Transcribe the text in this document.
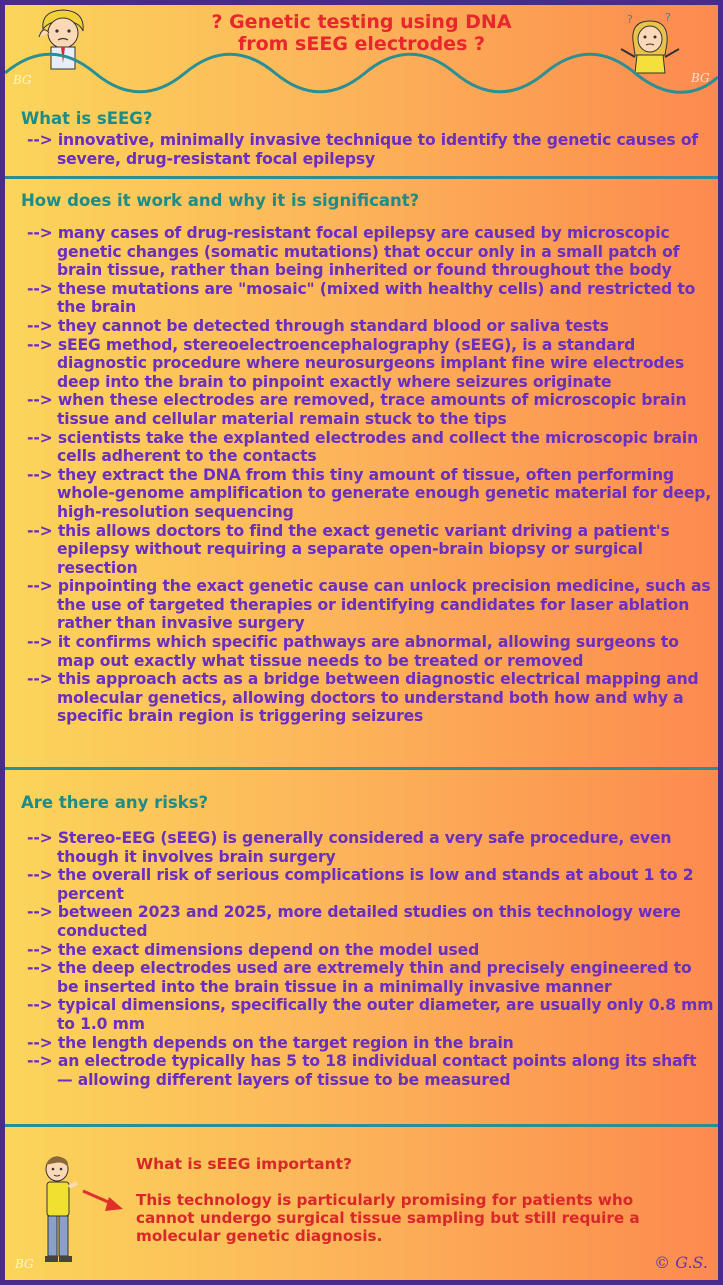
BG
? Genetic testing using DNA
from sEEG electrodes ?
?	?
BG
What is sEEG?
--> innovative, minimally invasive technique to identify the genetic causes of severe, drug-resistant focal epilepsy
How does it work and why it is significant?
--> many cases of drug-resistant focal epilepsy are caused by microscopic genetic changes (somatic mutations) that occur only in a small patch of brain tissue, rather than being inherited or found throughout the body
--> these mutations are "mosaic" (mixed with healthy cells) and restricted to the brain
--> they cannot be detected through standard blood or saliva tests
--> sEEG method, stereoelectroencephalography (sEEG), is a standard diagnostic procedure where neurosurgeons implant fine wire electrodes deep into the brain to pinpoint exactly where seizures originate
--> when these electrodes are removed, trace amounts of microscopic brain tissue and cellular material remain stuck to the tips
--> scientists take the explanted electrodes and collect the microscopic brain cells adherent to the contacts
--> they extract the DNA from this tiny amount of tissue, often performing whole-genome amplification to generate enough genetic material for deep, high-resolution sequencing
--> this allows doctors to find the exact genetic variant driving a patient's epilepsy without requiring a separate open-brain biopsy or surgical resection
--> pinpointing the exact genetic cause can unlock precision medicine, such as the use of targeted therapies or identifying candidates for laser ablation rather than invasive surgery
--> it confirms which specific pathways are abnormal, allowing surgeons to map out exactly what tissue needs to be treated or removed
--> this approach acts as a bridge between diagnostic electrical mapping and molecular genetics, allowing doctors to understand both how and why a specific brain region is triggering seizures
Are there any risks?
--> Stereo-EEG (sEEG) is generally considered a very safe procedure, even though it involves brain surgery
--> the overall risk of serious complications is low and stands at about 1 to 2 percent
--> between 2023 and 2025, more detailed studies on this technology were conducted
--> the exact dimensions depend on the model used
--> the deep electrodes used are extremely thin and precisely engineered to be inserted into the brain tissue in a minimally invasive manner
--> typical dimensions, specifically the outer diameter, are usually only 0.8 mm to 1.0 mm
--> the length depends on the target region in the brain
--> an electrode typically has 5 to 18 individual contact points along its shaft — allowing different layers of tissue to be measured
BG
What is sEEG important?
This technology is particularly promising for patients who cannot undergo surgical tissue sampling but still require a molecular genetic diagnosis.
© G.S.
